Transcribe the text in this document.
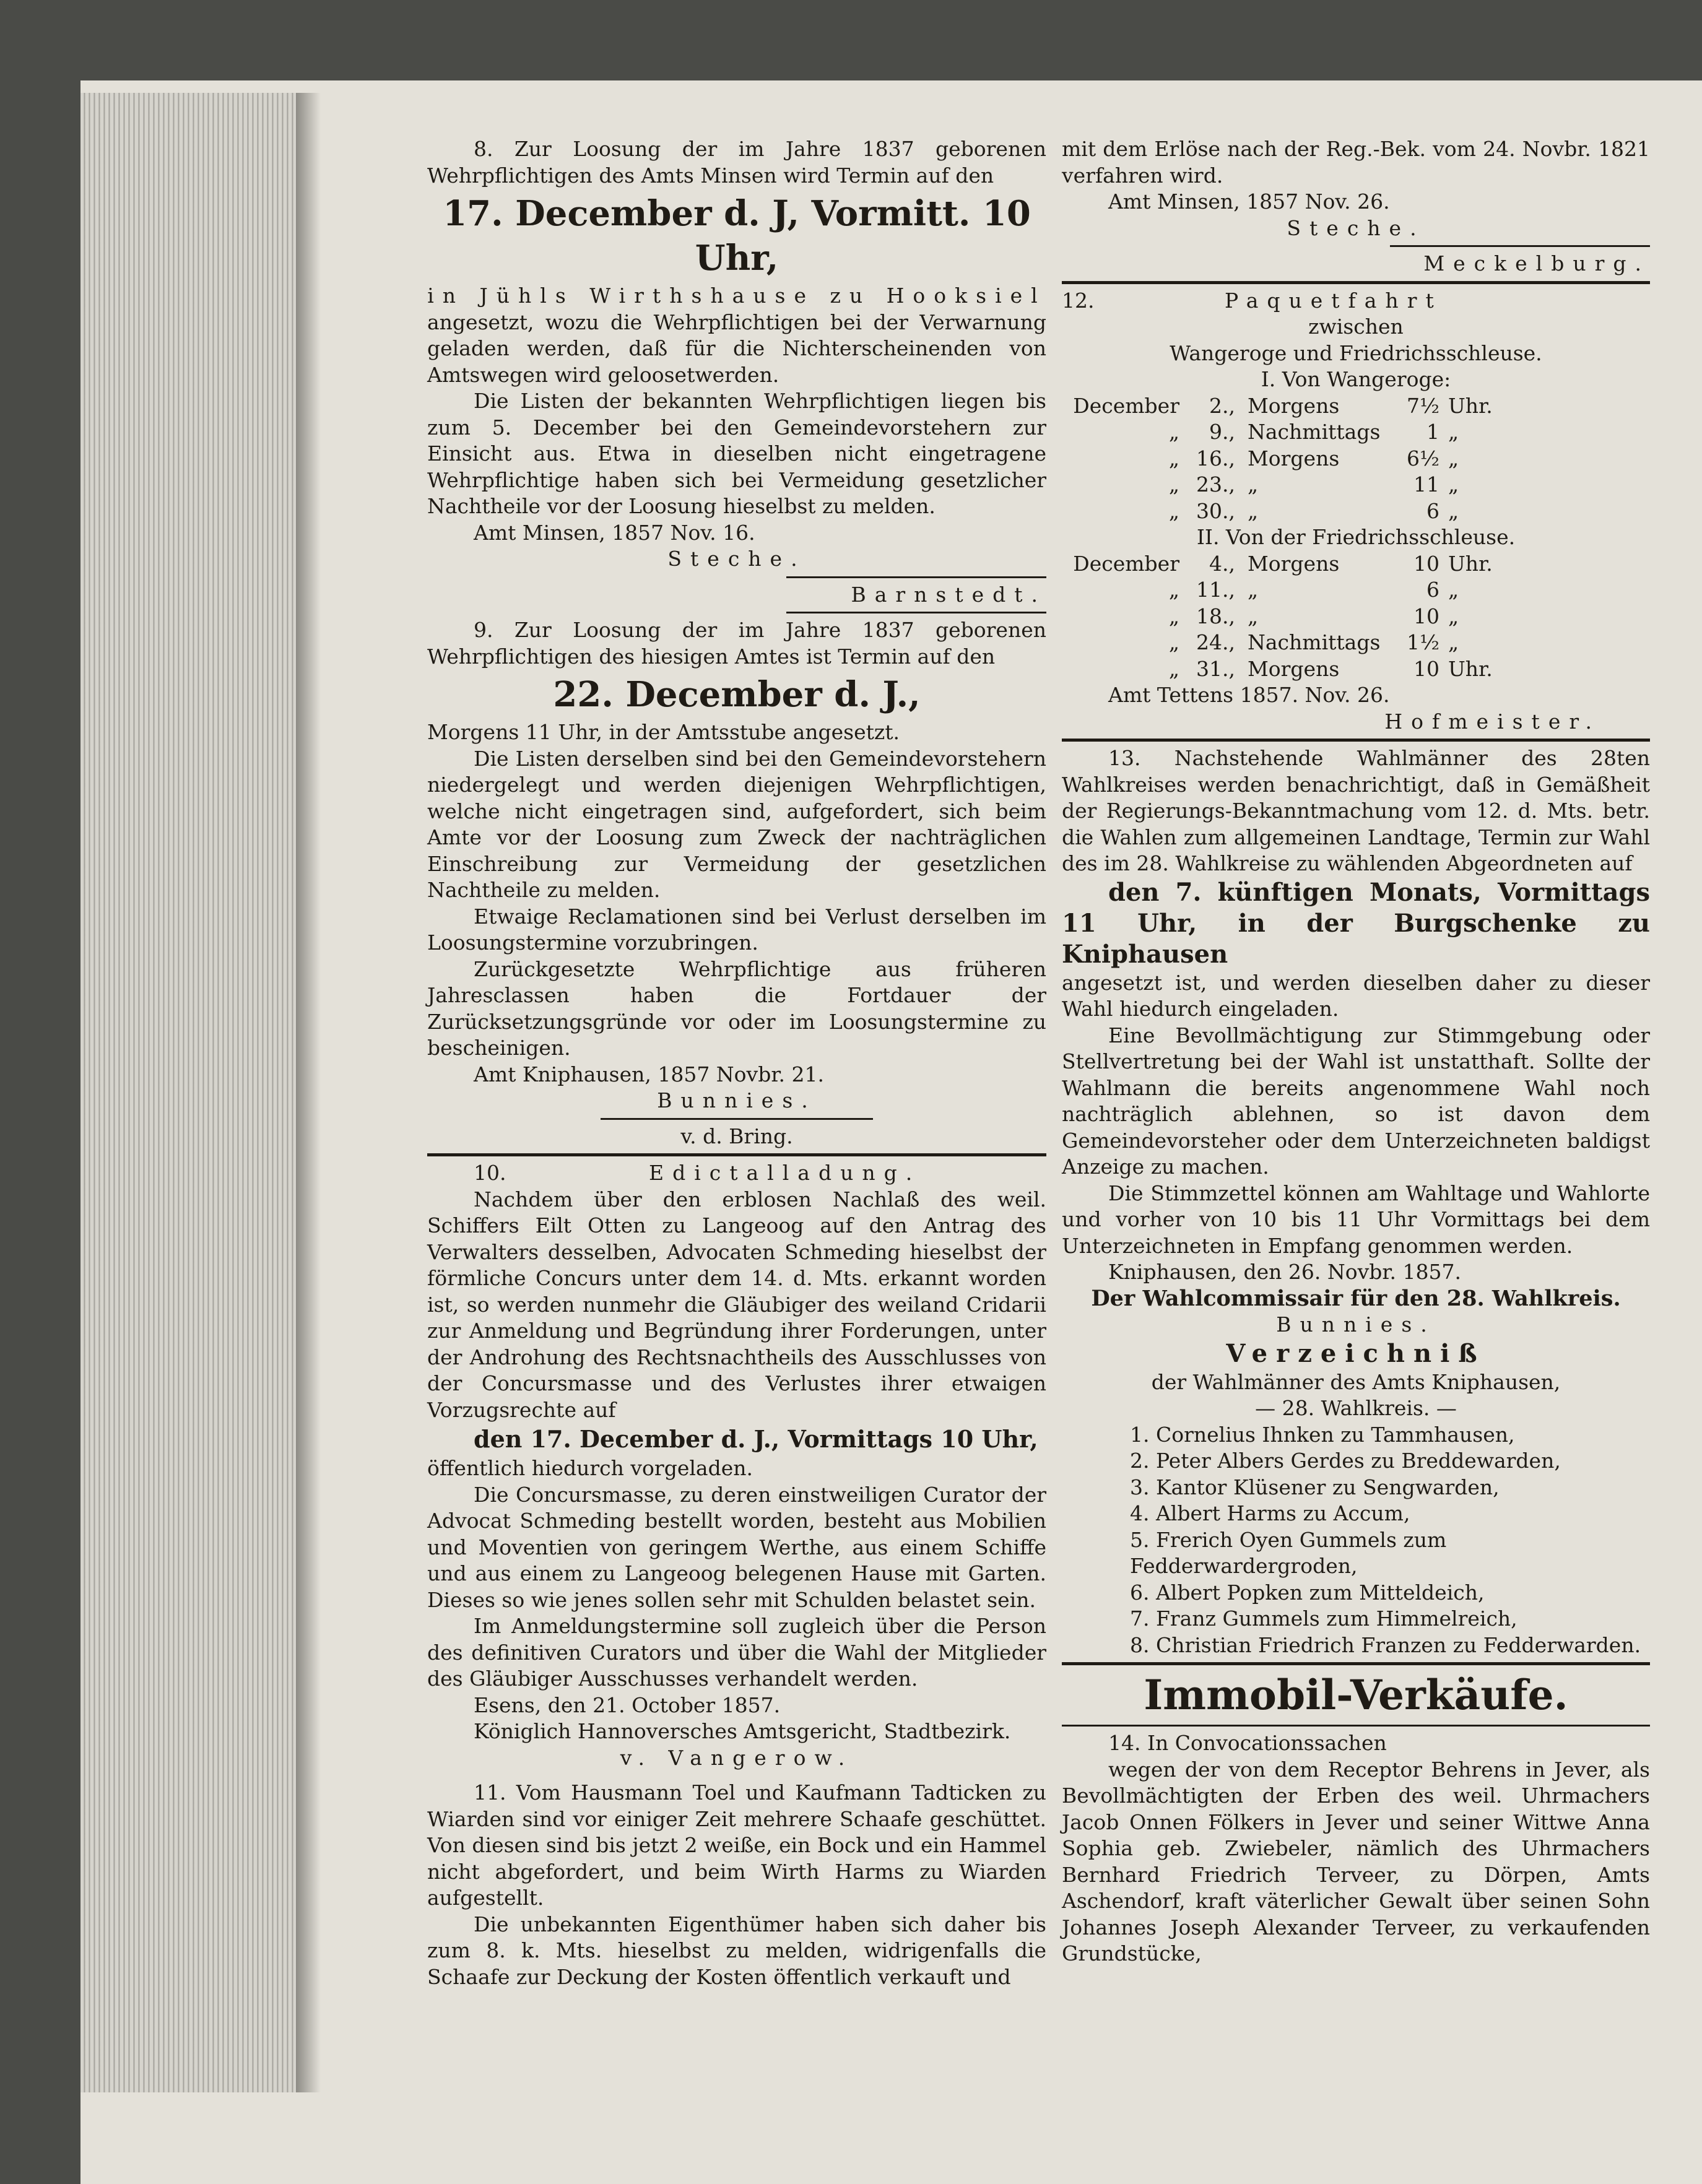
8. Zur Loosung der im Jahre 1837 geborenen Wehrpflichtigen des Amts Minsen wird Termin auf den

17. December d. J, Vormitt. 10 Uhr,

in Jühls Wirthshause zu Hooksiel

angesetzt, wozu die Wehrpflichtigen bei der Verwarnung geladen werden, daß für die Nichterscheinenden von Amtswegen wird geloosetwerden.

Die Listen der bekannten Wehrpflichtigen liegen bis zum 5. December bei den Gemeindevorstehern zur Einsicht aus. Etwa in dieselben nicht eingetragene Wehrpflichtige haben sich bei Vermeidung gesetzlicher Nachtheile vor der Loosung hieselbst zu melden.

Amt Minsen, 1857 Nov. 16.

Steche.

Barnstedt.

9. Zur Loosung der im Jahre 1837 geborenen Wehrpflichtigen des hiesigen Amtes ist Termin auf den

22. December d. J.,

Morgens 11 Uhr, in der Amtsstube angesetzt.

Die Listen derselben sind bei den Gemeindevorstehern niedergelegt und werden diejenigen Wehrpflichtigen, welche nicht eingetragen sind, aufgefordert, sich beim Amte vor der Loosung zum Zweck der nachträglichen Einschreibung zur Vermeidung der gesetzlichen Nachtheile zu melden.

Etwaige Reclamationen sind bei Verlust derselben im Loosungstermine vorzubringen.

Zurückgesetzte Wehrpflichtige aus früheren Jahresclassen haben die Fortdauer der Zurücksetzungsgründe vor oder im Loosungstermine zu bescheinigen.

Amt Kniphausen, 1857 Novbr. 21.

Bunnies.

v. d. Bring.

10.	Edictalladung.

Nachdem über den erblosen Nachlaß des weil. Schiffers Eilt Otten zu Langeoog auf den Antrag des Verwalters desselben, Advocaten Schmeding hieselbst der förmliche Concurs unter dem 14. d. Mts. erkannt worden ist, so werden nunmehr die Gläubiger des weiland Cridarii zur Anmeldung und Begründung ihrer Forderungen, unter der Androhung des Rechtsnachtheils des Ausschlusses von der Concursmasse und des Verlustes ihrer etwaigen Vorzugsrechte auf

den 17. December d. J., Vormittags 10 Uhr,

öffentlich hiedurch vorgeladen.

Die Concursmasse, zu deren einstweiligen Curator der Advocat Schmeding bestellt worden, besteht aus Mobilien und Moventien von geringem Werthe, aus einem Schiffe und aus einem zu Langeoog belegenen Hause mit Garten. Dieses so wie jenes sollen sehr mit Schulden belastet sein.

Im Anmeldungstermine soll zugleich über die Person des definitiven Curators und über die Wahl der Mitglieder des Gläubiger Ausschusses verhandelt werden.

Esens, den 21. October 1857.

Königlich Hannoversches Amtsgericht, Stadtbezirk.

v. Vangerow.

11. Vom Hausmann Toel und Kaufmann Tadticken zu Wiarden sind vor einiger Zeit mehrere Schaafe geschüttet. Von diesen sind bis jetzt 2 weiße, ein Bock und ein Hammel nicht abgefordert, und beim Wirth Harms zu Wiarden aufgestellt.

Die unbekannten Eigenthümer haben sich daher bis zum 8. k. Mts. hieselbst zu melden, widrigenfalls die Schaafe zur Deckung der Kosten öffentlich verkauft und

mit dem Erlöse nach der Reg.-Bek. vom 24. Novbr. 1821 verfahren wird.

Amt Minsen, 1857 Nov. 26.

Steche.

Meckelburg.

12.	Paquetfahrt

zwischen

Wangeroge und Friedrichsschleuse.

I. Von Wangeroge:

December	2., Morgens	7½ Uhr.
„	9., Nachmittags	1 „
„ 16., Morgens	6½ „
„ 23., „	11 „
„ 30., „	6 „

II. Von der Friedrichsschleuse.

December	4., Morgens	10 Uhr.
„ 11., „	6 „
„ 18., „	10 „
„ 24., Nachmittags	1½ „
„ 31., Morgens	10 Uhr.

Amt Tettens 1857. Nov. 26.

Hofmeister.

13. Nachstehende Wahlmänner des 28ten Wahlkreises werden benachrichtigt, daß in Gemäßheit der Regierungs-Bekanntmachung vom 12. d. Mts. betr. die Wahlen zum allgemeinen Landtage, Termin zur Wahl des im 28. Wahlkreise zu wählenden Abgeordneten auf

den 7. künftigen Monats, Vormittags 11 Uhr, in der Burgschenke zu Kniphausen

angesetzt ist, und werden dieselben daher zu dieser Wahl hiedurch eingeladen.

Eine Bevollmächtigung zur Stimmgebung oder Stellvertretung bei der Wahl ist unstatthaft. Sollte der Wahlmann die bereits angenommene Wahl noch nachträglich ablehnen, so ist davon dem Gemeindevorsteher oder dem Unterzeichneten baldigst Anzeige zu machen.

Die Stimmzettel können am Wahltage und Wahlorte und vorher von 10 bis 11 Uhr Vormittags bei dem Unterzeichneten in Empfang genommen werden.

Kniphausen, den 26. Novbr. 1857.

Der Wahlcommissair für den 28. Wahlkreis.

Bunnies.

Verzeichniß

der Wahlmänner des Amts Kniphausen,

— 28. Wahlkreis. —

1. Cornelius Ihnken zu Tammhausen,
2. Peter Albers Gerdes zu Breddewarden,
3. Kantor Klüsener zu Sengwarden,
4. Albert Harms zu Accum,
5. Frerich Oyen Gummels zum Fedderwardergroden,
6. Albert Popken zum Mitteldeich,
7. Franz Gummels zum Himmelreich,
8. Christian Friedrich Franzen zu Fedderwarden.

Immobil-Verkäufe.

14. In Convocationssachen

wegen der von dem Receptor Behrens in Jever, als Bevollmächtigten der Erben des weil. Uhrmachers Jacob Onnen Fölkers in Jever und seiner Wittwe Anna Sophia geb. Zwiebeler, nämlich des Uhrmachers Bernhard Friedrich Terveer, zu Dörpen, Amts Aschendorf, kraft väterlicher Gewalt über seinen Sohn Johannes Joseph Alexander Terveer, zu verkaufenden Grundstücke,
